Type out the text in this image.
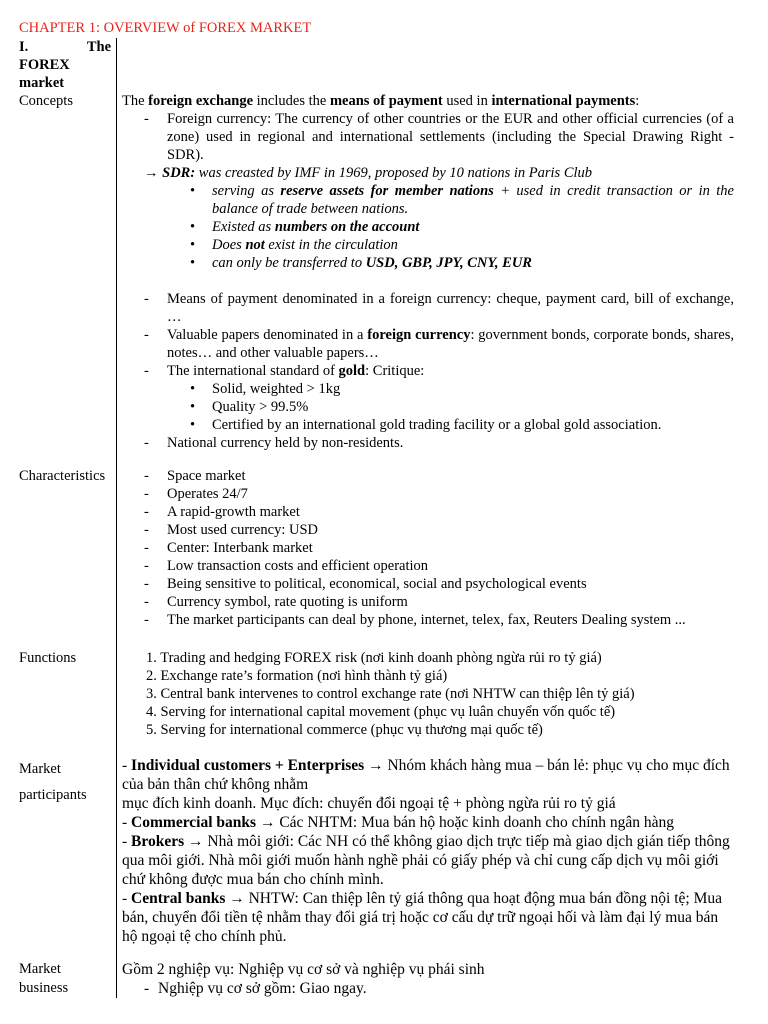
CHAPTER 1: OVERVIEW of FOREX MARKET
I.	The
FOREX
market
Concepts	The foreign exchange includes the means of payment used in international payments:

- Foreign currency: The currency of other countries or the EUR and other official currencies (of a zone) used in regional and international settlements (including the Special Drawing Right - SDR).

→ SDR: was creasted by IMF in 1969, proposed by 10 nations in Paris Club

• serving as reserve assets for member nations + used in credit transaction or in the balance of trade between nations.

• Existed as numbers on the account

• Does not exist in the circulation

• can only be transferred to USD, GBP, JPY, CNY, EUR

- Means of payment denominated in a foreign currency: cheque, payment card, bill of exchange, …

- Valuable papers denominated in a foreign currency: government bonds, corporate bonds, shares, notes… and other valuable papers…

- The international standard of gold: Critique:

• Solid, weighted > 1kg

• Quality > 99.5%

• Certified by an international gold trading facility or a global gold association.

- National currency held by non-residents.

Characteristics

-	Space market

- Operates 24/7

- A rapid-growth market

- Most used currency: USD

- Center: Interbank market

- Low transaction costs and efficient operation

- Being sensitive to political, economical, social and psychological events

- Currency symbol, rate quoting is uniform

- The market participants can deal by phone, internet, telex, fax, Reuters Dealing system ...

Functions	1. Trading and hedging FOREX risk (nơi kinh doanh phòng ngừa rủi ro tỷ giá)

2. Exchange rate’s formation (nơi hình thành tỷ giá)

3. Central bank intervenes to control exchange rate (nơi NHTW can thiệp lên tỷ giá)

4. Serving for international capital movement (phục vụ luân chuyển vốn quốc tế)

5. Serving for international commerce (phục vụ thương mại quốc tế)

Market
participants

- Individual customers + Enterprises → Nhóm khách hàng mua – bán lẻ: phục vụ cho mục đích của bản thân chứ không nhằm

mục đích kinh doanh. Mục đích: chuyển đổi ngoại tệ + phòng ngừa rủi ro tỷ giá

- Commercial banks → Các NHTM: Mua bán hộ hoặc kinh doanh cho chính ngân hàng

- Brokers → Nhà môi giới: Các NH có thể không giao dịch trực tiếp mà giao dịch gián tiếp thông qua môi giới. Nhà môi giới muốn hành nghề phải có giấy phép và chỉ cung cấp dịch vụ môi giới chứ không được mua bán cho chính mình.

- Central banks → NHTW: Can thiệp lên tỷ giá thông qua hoạt động mua bán đồng nội tệ; Mua bán, chuyển đổi tiền tệ nhằm thay đổi giá trị hoặc cơ cấu dự trữ ngoại hối và làm đại lý mua bán hộ ngoại tệ cho chính phủ.

Market
business

Gồm 2 nghiệp vụ: Nghiệp vụ cơ sở và nghiệp vụ phái sinh

- Nghiệp vụ cơ sở gồm: Giao ngay.
